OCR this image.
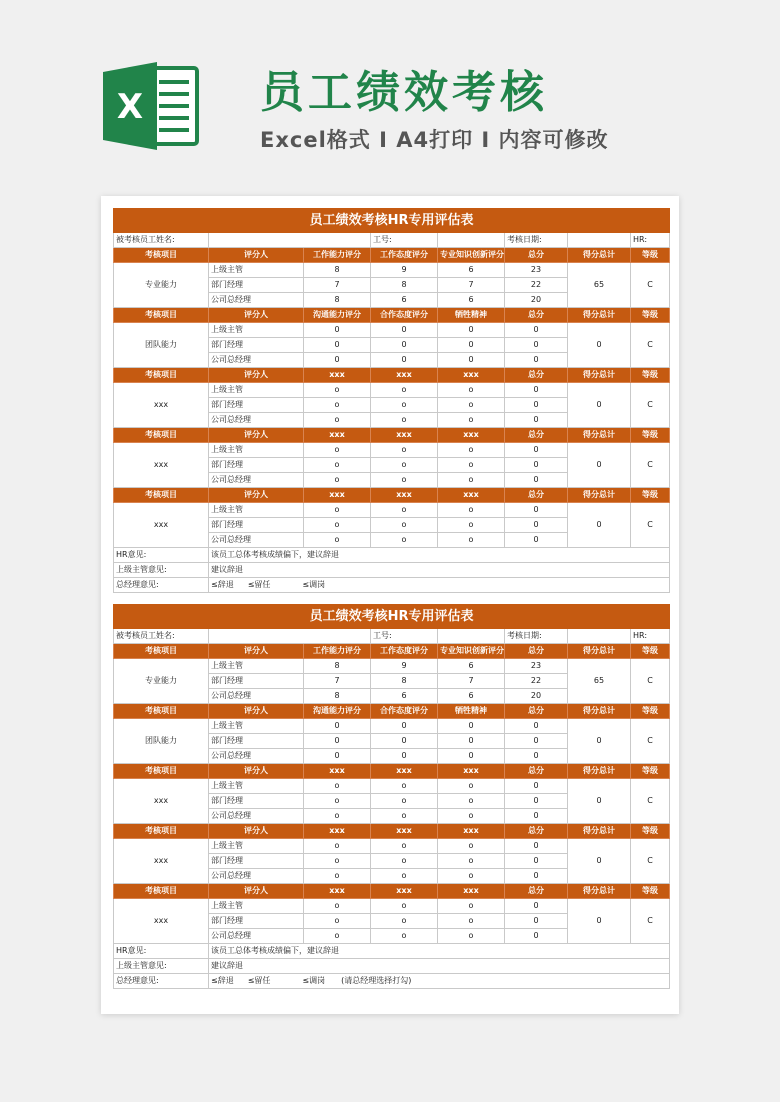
X	员工绩效考核
Excel格式 I A4打印 I 内容可修改
员工绩效考核HR专用评估表							
被考核员工姓名:			工号:		考核日期:		HR:
考核项目	评分人	工作能力评分	工作态度评分	专业知识创新评分	总分	得分总计	等级
专业能力	上级主管	8	9	6	23	65	C
	部门经理	7	8	7	22		
	公司总经理	8	6	6	20		
考核项目	评分人	沟通能力评分	合作态度评分	牺牲精神	总分	得分总计	等级
团队能力	上级主管	0	0	0	0	0	C
	部门经理	0	0	0	0		
	公司总经理	0	0	0	0		
考核项目	评分人	xxx	xxx	xxx	总分	得分总计	等级
xxx	上级主管	o	o	o	0	0	C
	部门经理	o	o	o	0		
	公司总经理	o	o	o	0		
考核项目	评分人	xxx	xxx	xxx	总分	得分总计	等级
xxx	上级主管	o	o	o	0	0	C
	部门经理	o	o	o	0		
	公司总经理	o	o	o	0		
考核项目	评分人	xxx	xxx	xxx	总分	得分总计	等级
xxx	上级主管	o	o	o	0	0	C
	部门经理	o	o	o	0		
	公司总经理	o	o	o	0		
HR意见:	该员工总体考核成绩偏下，建议辞退						
上级主管意见:	建议辞退						
总经理意见:	≤辞退 ≤留任 ≤调岗						
员工绩效考核HR专用评估表							
被考核员工姓名:			工号:		考核日期:		HR:
考核项目	评分人	工作能力评分	工作态度评分	专业知识创新评分	总分	得分总计	等级
专业能力	上级主管	8	9	6	23	65	C
	部门经理	7	8	7	22		
	公司总经理	8	6	6	20		
考核项目	评分人	沟通能力评分	合作态度评分	牺牲精神	总分	得分总计	等级
团队能力	上级主管	0	0	0	0	0	C
	部门经理	0	0	0	0		
	公司总经理	0	0	0	0		
考核项目	评分人	xxx	xxx	xxx	总分	得分总计	等级
xxx	上级主管	o	o	o	0	0	C
	部门经理	o	o	o	0		
	公司总经理	o	o	o	0		
考核项目	评分人	xxx	xxx	xxx	总分	得分总计	等级
xxx	上级主管	o	o	o	0	0	C
	部门经理	o	o	o	0		
	公司总经理	o	o	o	0		
考核项目	评分人	xxx	xxx	xxx	总分	得分总计	等级
xxx	上级主管	o	o	o	0	0	C
	部门经理	o	o	o	0		
	公司总经理	o	o	o	0		
HR意见:	该员工总体考核成绩偏下，建议辞退						
上级主管意见:	建议辞退						
总经理意见:	≤辞退 ≤留任 ≤调岗 (请总经理选择打勾)						
